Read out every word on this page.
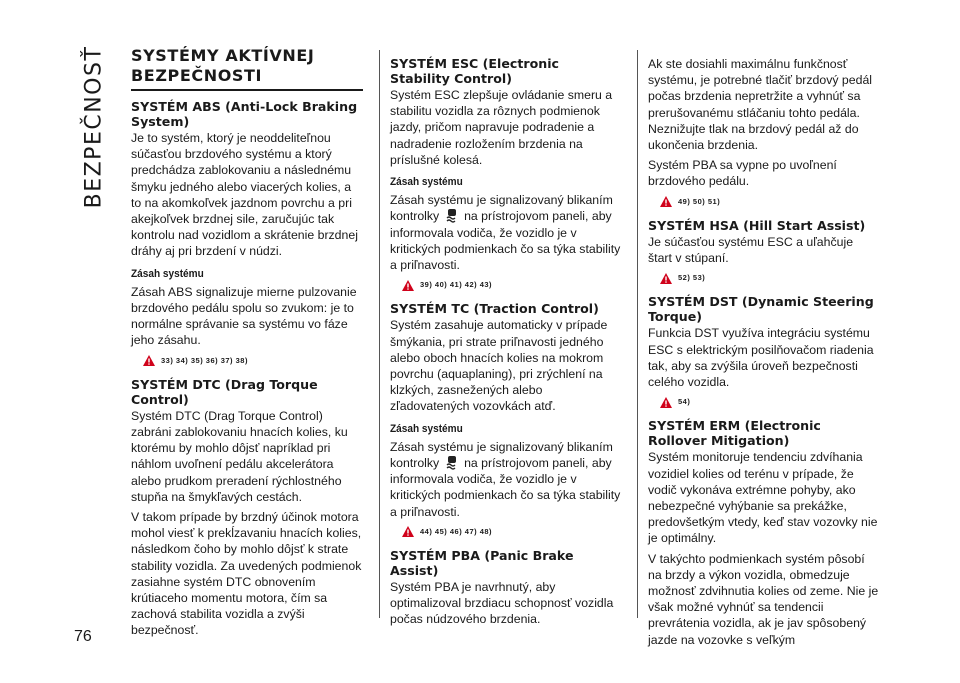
BEZPEČNOSŤ
76
SYSTÉMY AKTÍVNEJ BEZPEČNOSTI
SYSTÉM ABS (Anti-Lock Braking System)

Je to systém, ktorý je neoddeliteľnou súčasťou brzdového systému a ktorý predchádza zablokovaniu a následnému šmyku jedného alebo viacerých kolies, a to na akomkoľvek jazdnom povrchu a pri akejkoľvek brzdnej sile, zaručujúc tak kontrolu nad vozidlom a skrátenie brzdnej dráhy aj pri brzdení v núdzi.

Zásah systému

Zásah ABS signalizuje mierne pulzovanie brzdového pedálu spolu so zvukom: je to normálne správanie sa systému vo fáze jeho zásahu.

33) 34) 35) 36) 37) 38)
SYSTÉM DTC (Drag Torque Control)

Systém DTC (Drag Torque Control) zabráni zablokovaniu hnacích kolies, ku ktorému by mohlo dôjsť napríklad pri náhlom uvoľnení pedálu akcelerátora alebo prudkom preradení rýchlostného stupňa na šmykľavých cestách.

V takom prípade by brzdný účinok motora mohol viesť k prekĺzavaniu hnacích kolies, následkom čoho by mohlo dôjsť k strate stability vozidla. Za uvedených podmienok zasiahne systém DTC obnovením krútiaceho momentu motora, čím sa zachová stabilita vozidla a zvýši bezpečnosť.

SYSTÉM ESC (Electronic Stability Control)

Systém ESC zlepšuje ovládanie smeru a stabilitu vozidla za rôznych podmienok jazdy, pričom napravuje podradenie a nadradenie rozložením brzdenia na príslušné kolesá.

Zásah systému

Zásah systému je signalizovaný blikaním kontrolky na prístrojovom paneli, aby informovala vodiča, že vozidlo je v kritických podmienkach čo sa týka stability a priľnavosti.

39) 40) 41) 42) 43)
SYSTÉM TC (Traction Control)

Systém zasahuje automaticky v prípade šmýkania, pri strate priľnavosti jedného alebo oboch hnacích kolies na mokrom povrchu (aquaplaning), pri zrýchlení na klzkých, zasnežených alebo zľadovatených vozovkách atď.

Zásah systému

Zásah systému je signalizovaný blikaním kontrolky na prístrojovom paneli, aby informovala vodiča, že vozidlo je v kritických podmienkach čo sa týka stability a priľnavosti.

44) 45) 46) 47) 48)
SYSTÉM PBA (Panic Brake Assist)

Systém PBA je navrhnutý, aby optimalizoval brzdiacu schopnosť vozidla počas núdzového brzdenia.

Ak ste dosiahli maximálnu funkčnosť systému, je potrebné tlačiť brzdový pedál počas brzdenia nepretržite a vyhnúť sa prerušovanému stláčaniu tohto pedála. Neznižujte tlak na brzdový pedál až do ukončenia brzdenia.

Systém PBA sa vypne po uvoľnení brzdového pedálu.

49) 50) 51)
SYSTÉM HSA (Hill Start Assist)

Je súčasťou systému ESC a uľahčuje štart v stúpaní.

52) 53)
SYSTÉM DST (Dynamic Steering Torque)

Funkcia DST využíva integráciu systému ESC s elektrickým posilňovačom riadenia tak, aby sa zvýšila úroveň bezpečnosti celého vozidla.

54)
SYSTÉM ERM (Electronic Rollover Mitigation)

Systém monitoruje tendenciu zdvíhania vozidiel kolies od terénu v prípade, že vodič vykonáva extrémne pohyby, ako nebezpečné vyhýbanie sa prekážke, predovšetkým vtedy, keď stav vozovky nie je optimálny.

V takýchto podmienkach systém pôsobí na brzdy a výkon vozidla, obmedzuje možnosť zdvihnutia kolies od zeme. Nie je však možné vyhnúť sa tendencii prevrátenia vozidla, ak je jav spôsobený jazde na vozovke s veľkým
